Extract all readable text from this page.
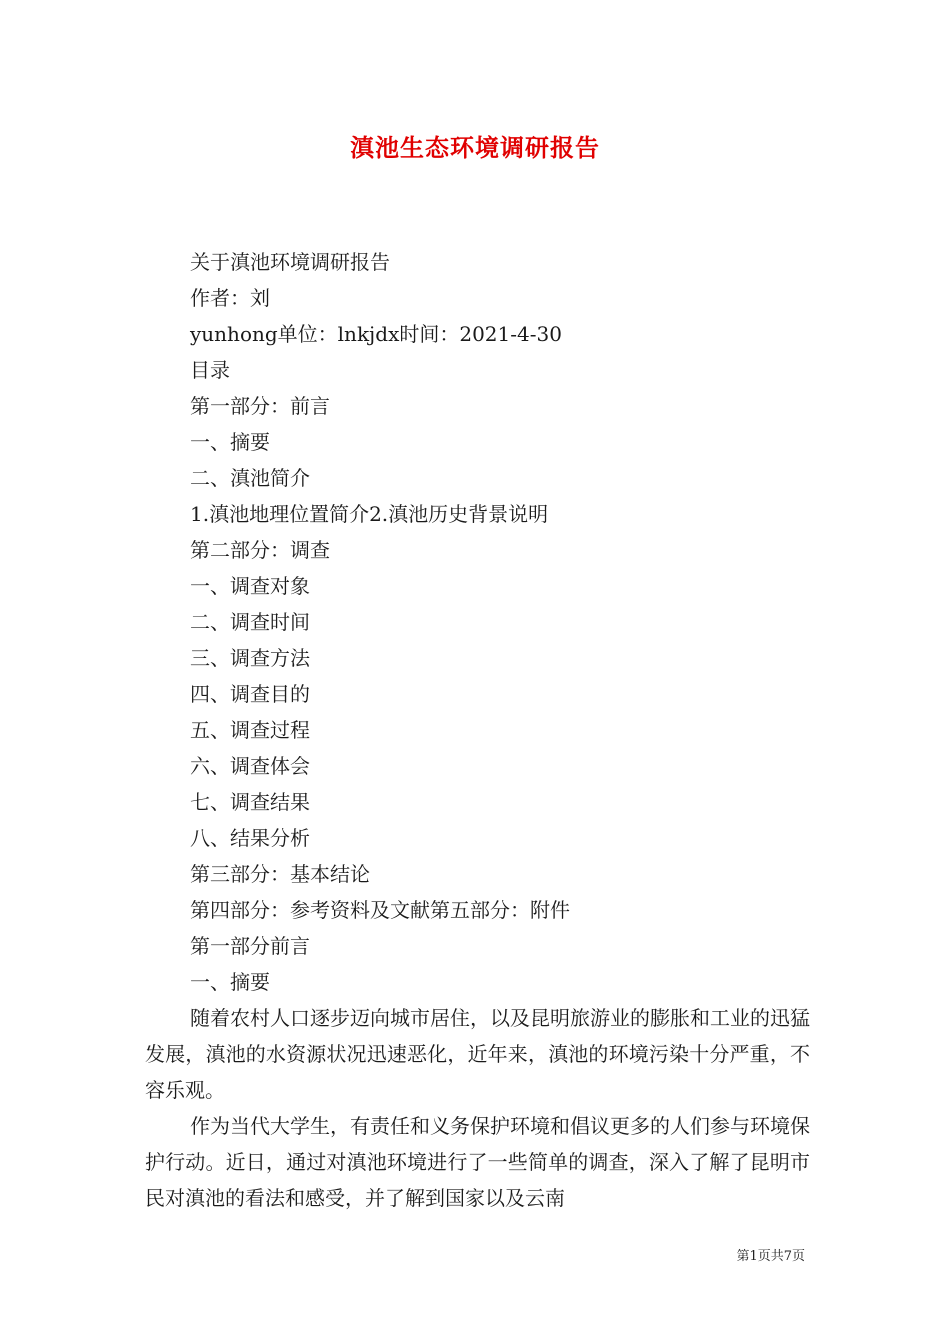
滇池生态环境调研报告

关于滇池环境调研报告

作者：刘

yunhong单位：lnkjdx时间：2021-4-30

目录

第一部分：前言

一、摘要

二、滇池简介

1.滇池地理位置简介2.滇池历史背景说明

第二部分：调查

一、调查对象

二、调查时间

三、调查方法

四、调查目的

五、调查过程

六、调查体会

七、调查结果

八、结果分析

第三部分：基本结论

第四部分：参考资料及文献第五部分：附件

第一部分前言

一、摘要

随着农村人口逐步迈向城市居住，以及昆明旅游业的膨胀和工业的迅猛发展，滇池的水资源状况迅速恶化，近年来，滇池的环境污染十分严重，不容乐观。

作为当代大学生，有责任和义务保护环境和倡议更多的人们参与环境保护行动。近日，通过对滇池环境进行了一些简单的调查，深入了解了昆明市民对滇池的看法和感受，并了解到国家以及云南

第1页共7页
